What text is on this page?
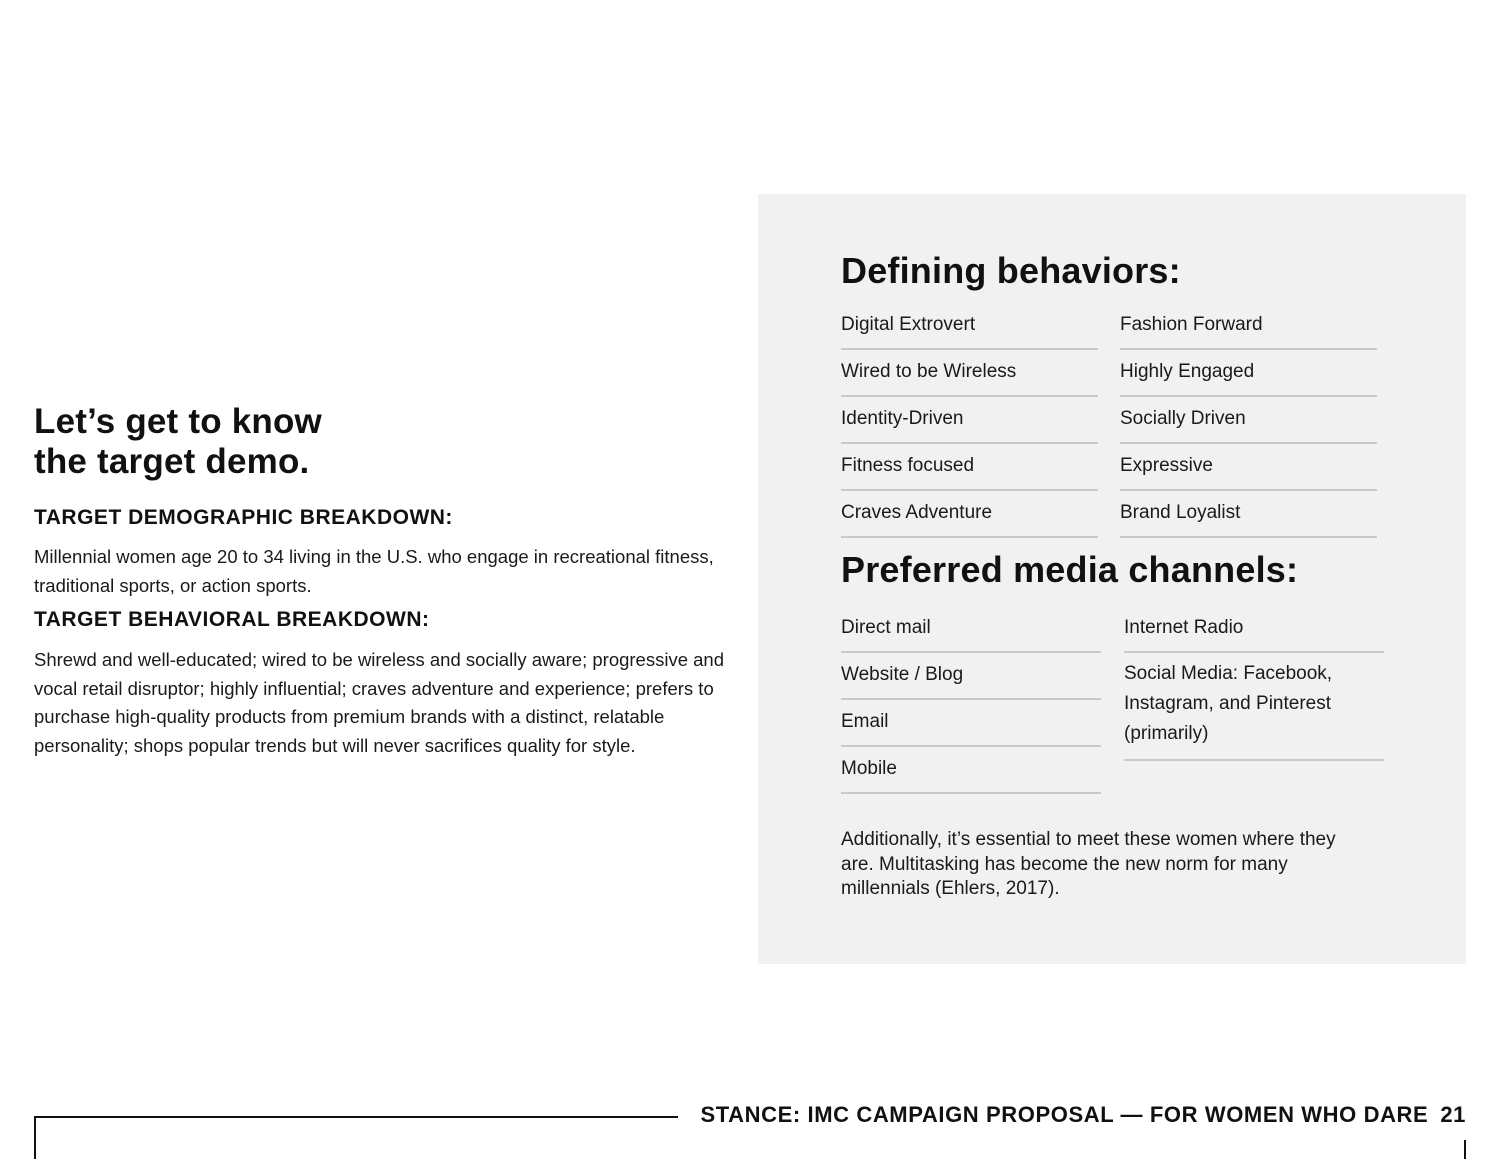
Let’s get to know
the target demo.
TARGET DEMOGRAPHIC BREAKDOWN:

Millennial women age 20 to 34 living in the U.S. who engage in recreational fitness, traditional sports, or action sports.

TARGET BEHAVIORAL BREAKDOWN:

Shrewd and well-educated; wired to be wireless and socially aware; progressive and vocal retail disruptor; highly influential; craves adventure and experience; prefers to purchase high-quality products from premium brands with a distinct, relatable personality; shops popular trends but will never sacrifices quality for style.

Defining behaviors:
Digital Extrovert
Wired to be Wireless
Identity-Driven
Fitness focused
Craves Adventure
Fashion Forward
Highly Engaged
Socially Driven
Expressive
Brand Loyalist
Preferred media channels:
Direct mail
Website / Blog
Email
Mobile
Internet Radio
Social Media: Facebook, Instagram, and Pinterest (primarily)

Additionally, it’s essential to meet these women where they are. Multitasking has become the new norm for many millennials (Ehlers, 2017).

STANCE: IMC CAMPAIGN PROPOSAL — FOR WOMEN WHO DARE 21
